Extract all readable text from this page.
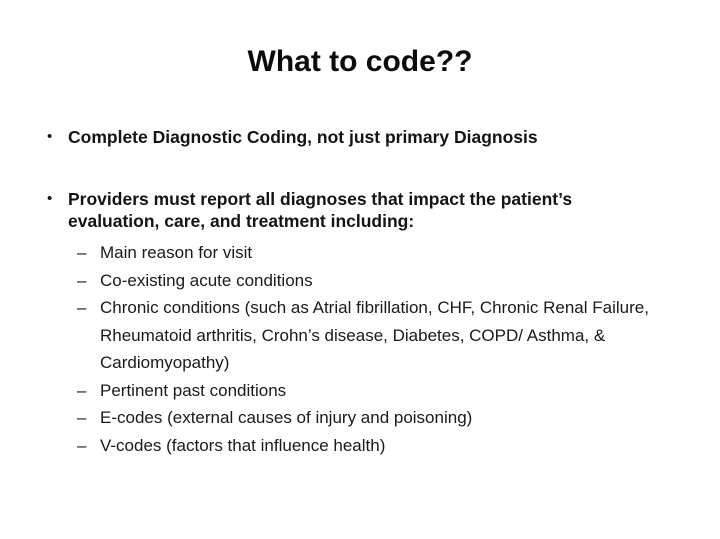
What to code??
• Complete Diagnostic Coding, not just primary Diagnosis
• Providers must report all diagnoses that impact the patient’s evaluation, care, and treatment including:
– Main reason for visit
– Co-existing acute conditions
– Chronic conditions (such as Atrial fibrillation, CHF, Chronic Renal Failure, Rheumatoid arthritis, Crohn’s disease, Diabetes, COPD/ Asthma, & Cardiomyopathy)
– Pertinent past conditions
– E-codes (external causes of injury and poisoning)
– V-codes (factors that influence health)
